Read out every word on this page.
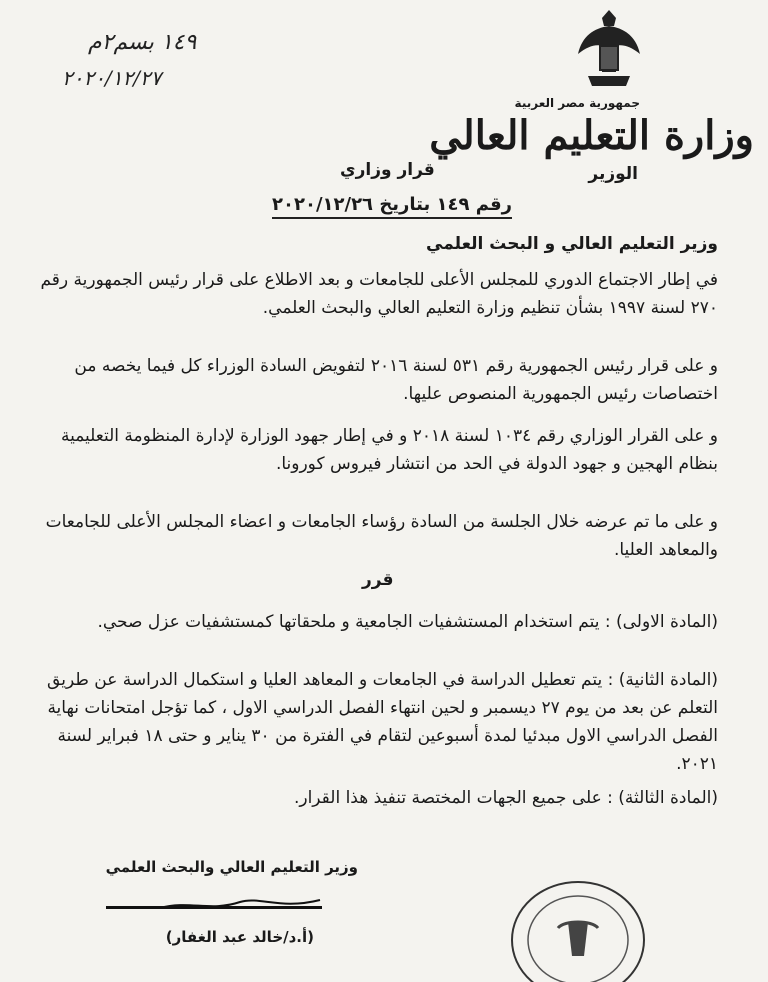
١٤٩ بسم٢م
٢٠٢٠/١٢/٢٧
جمهورية مصر العربية
وزارة التعليم العالي
الوزير
قرار وزاري
رقم ١٤٩ بتاريخ ٢٠٢٠/١٢/٢٦
وزير التعليم العالي و البحث العلمي
في إطار الاجتماع الدوري للمجلس الأعلى للجامعات و بعد الاطلاع على قرار رئيس الجمهورية رقم ٢٧٠ لسنة ١٩٩٧ بشأن تنظيم وزارة التعليم العالي والبحث العلمي.
و على قرار رئيس الجمهورية رقم ٥٣١ لسنة ٢٠١٦ لتفويض السادة الوزراء كل فيما يخصه من اختصاصات رئيس الجمهورية المنصوص عليها.
و على القرار الوزاري رقم ١٠٣٤ لسنة ٢٠١٨ و في إطار جهود الوزارة لإدارة المنظومة التعليمية بنظام الهجين و جهود الدولة في الحد من انتشار فيروس كورونا.
و على ما تم عرضه خلال الجلسة من السادة رؤساء الجامعات و اعضاء المجلس الأعلى للجامعات والمعاهد العليا.
قرر
(المادة الاولى) : يتم استخدام المستشفيات الجامعية و ملحقاتها كمستشفيات عزل صحي.
(المادة الثانية) : يتم تعطيل الدراسة في الجامعات و المعاهد العليا و استكمال الدراسة عن طريق التعلم عن بعد من يوم ٢٧ ديسمبر و لحين انتهاء الفصل الدراسي الاول ، كما تؤجل امتحانات نهاية الفصل الدراسي الاول مبدئيا لمدة أسبوعين لتقام في الفترة من ٣٠ يناير و حتى ١٨ فبراير لسنة ٢٠٢١.
(المادة الثالثة) : على جميع الجهات المختصة تنفيذ هذا القرار.
وزير التعليم العالي والبحث العلمي
(أ.د/خالد عبد الغفار)
